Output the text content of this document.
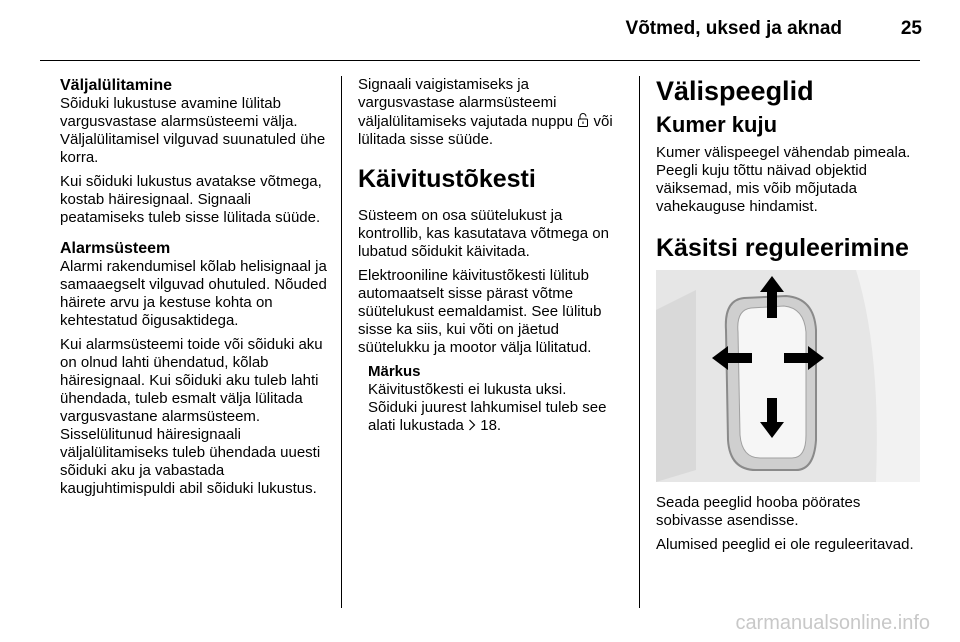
Võtmed, uksed ja aknad	25
Väljalülitamine

Sõiduki lukustuse avamine lülitab vargusvastase alarmsüsteemi välja. Väljalülitamisel vilguvad suunatuled ühe korra.

Kui sõiduki lukustus avatakse võtmega, kostab häiresignaal. Signaali peatamiseks tuleb sisse lülitada süüde.

Alarmsüsteem

Alarmi rakendumisel kõlab helisignaal ja samaaegselt vilguvad ohutuled. Nõuded häirete arvu ja kestuse kohta on kehtestatud õigusaktidega.

Kui alarmsüsteemi toide või sõiduki aku on olnud lahti ühendatud, kõlab häiresignaal. Kui sõiduki aku tuleb lahti ühendada, tuleb esmalt välja lülitada vargusvastane alarmsüsteem. Sisselülitunud häiresignaali väljalülitamiseks tuleb ühendada uuesti sõiduki aku ja vabastada kaugjuhtimispuldi abil sõiduki lukustus.

Signaali vaigistamiseks ja vargusvastase alarmsüsteemi väljalülitamiseks vajutada nuppu või lülitada sisse süüde.

Käivitustõkesti

Süsteem on osa süütelukust ja kontrollib, kas kasutatava võtmega on lubatud sõidukit käivitada.

Elektrooniline käivitustõkesti lülitub automaatselt sisse pärast võtme süütelukust eemaldamist. See lülitub sisse ka siis, kui võti on jäetud süütelukku ja mootor välja lülitatud.

Märkus

Käivitustõkesti ei lukusta uksi.

Sõiduki juurest lahkumisel tuleb see alati lukustada 18.

Välispeeglid
Kumer kuju

Kumer välispeegel vähendab pimeala. Peegli kuju tõttu näivad objektid väiksemad, mis võib mõjutada vahekauguse hindamist.

Käsitsi reguleerimine

Seada peeglid hooba pöörates sobivasse asendisse.

Alumised peeglid ei ole reguleeritavad.

carmanualsonline.info
